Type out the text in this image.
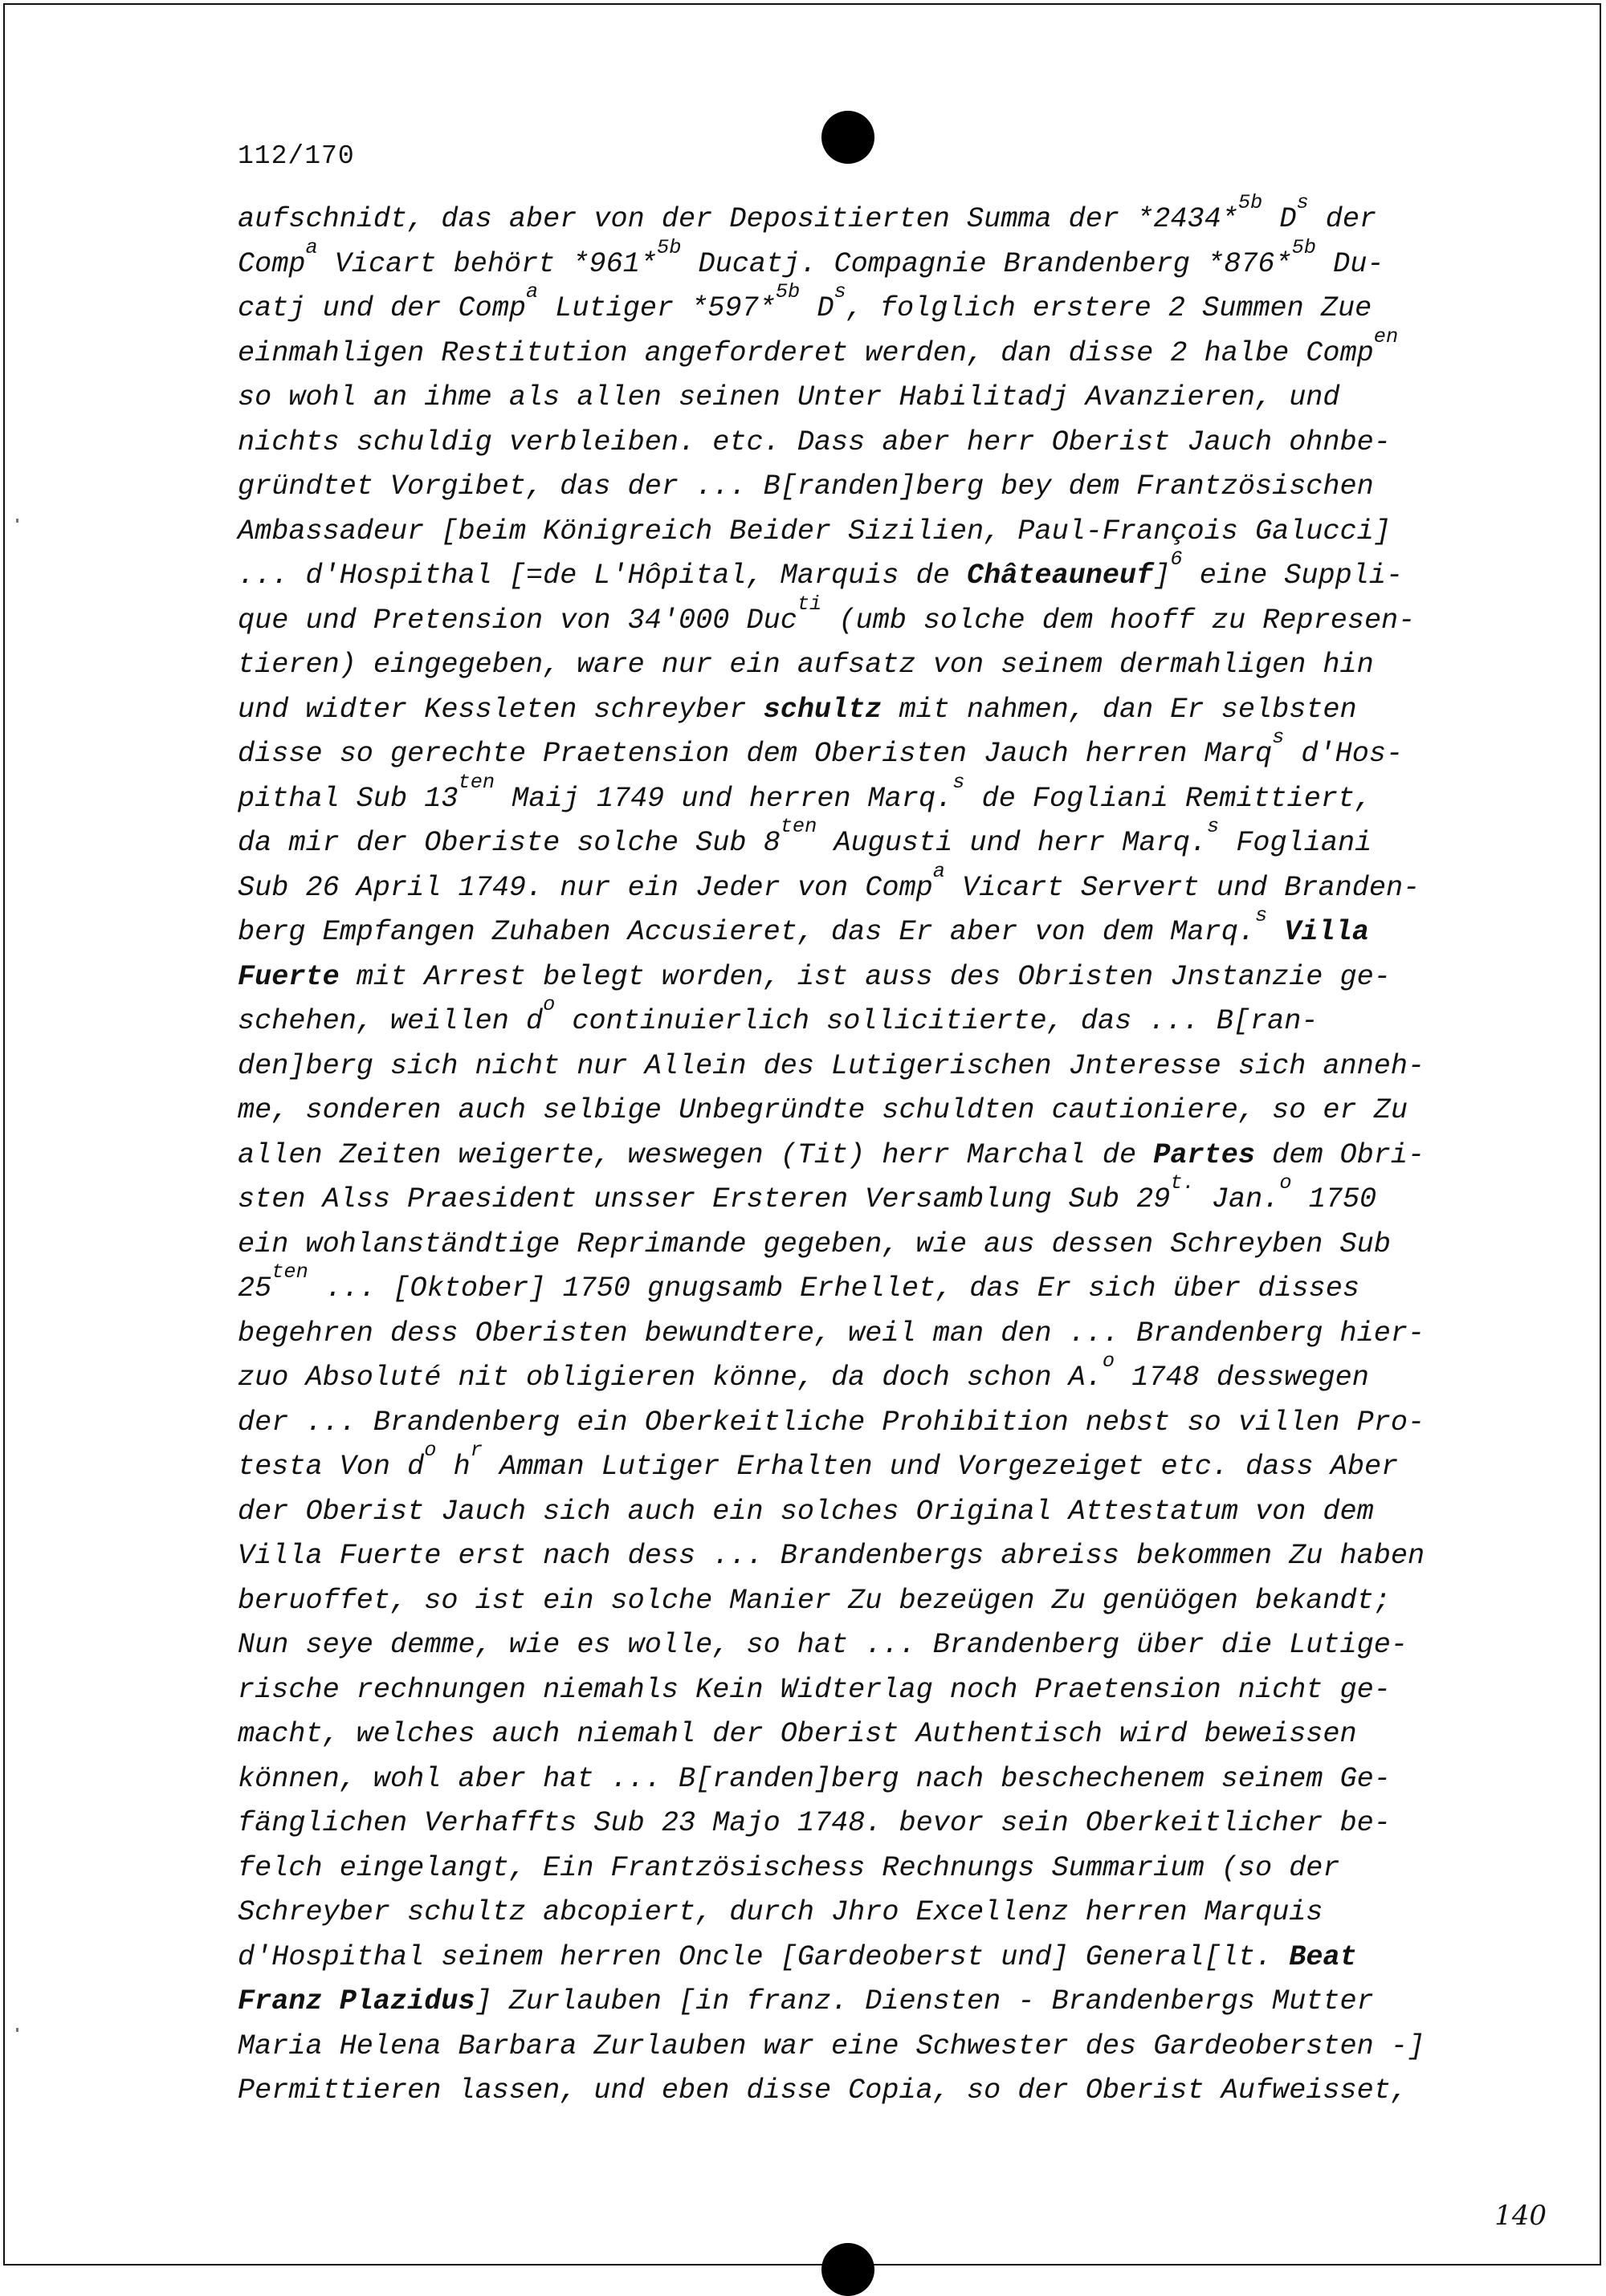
112/170
aufschnidt, das aber von der Depositierten Summa der *2434*$^{5b}$ $D^s$ der
Comp$^a$ Vicart behört *961*$^{5b}$ Ducatj. Compagnie Brandenberg *876*$^{5b}$ Du-
catj und der Comp$^a$ Lutiger *597*$^{5b}$ $D^s$, folglich erstere 2 Summen Zue
einmahligen Restitution angeforderet werden, dan disse 2 halbe Comp$^{en}$
so wohl an ihme als allen seinen Unter Habilitadj Avanzieren, und
nichts schuldig verbleiben. etc. Dass aber herr Oberist Jauch ohnbe-
gründtet Vorgibet, das der ... B[randen]berg bey dem Frantzösischen
Ambassadeur [beim Königreich Beider Sizilien, Paul-François Galucci]
... d'Hospithal [=de L'Hôpital, Marquis de Châteauneuf]$^6$ eine Suppli-
que und Pretension von 34'000 Duc$^{ti}$ (umb solche dem hooff zu Represen-
tieren) eingegeben, ware nur ein aufsatz von seinem dermahligen hin
und widter Kessleten schreyber schultz mit nahmen, dan Er selbsten
disse so gerechte Praetension dem Oberisten Jauch herren Marq$^s$ d'Hos-
pithal Sub $13^{ten}$ Maij 1749 und herren Marq.$^s$ de Fogliani Remittiert,
da mir der Oberiste solche Sub $8^{ten}$ Augusti und herr Marq.$^s$ Fogliani
Sub 26 April 1749. nur ein Jeder von Comp$^a$ Vicart Servert und Branden-
berg Empfangen Zuhaben Accusieret, das Er aber von dem Marq.$^s$ Villa
Fuerte mit Arrest belegt worden, ist auss des Obristen Jnstanzie ge-
schehen, weillen $d^o$ continuierlich sollicitierte, das ... B[ran-
den]berg sich nicht nur Allein des Lutigerischen Jnteresse sich anneh-
me, sonderen auch selbige Unbegründte schuldten cautioniere, so er Zu
allen Zeiten weigerte, weswegen (Tit) herr Marchal de Partes dem Obri-
sten Alss Praesident unsser Ersteren Versamblung Sub $29^{t.}$ Jan.$^o$ 1750
ein wohlanständtige Reprimande gegeben, wie aus dessen Schreyben Sub
$25^{ten}$ ... [Oktober] 1750 gnugsamb Erhellet, das Er sich über disses
begehren dess Oberisten bewundtere, weil man den ... Brandenberg hier-
zuo Absoluté nit obligieren könne, da doch schon A.$^o$ 1748 desswegen
der ... Brandenberg ein Oberkeitliche Prohibition nebst so villen Pro-
testa Von $d^o$ $h^r$ Amman Lutiger Erhalten und Vorgezeiget etc. dass Aber
der Oberist Jauch sich auch ein solches Original Attestatum von dem
Villa Fuerte erst nach dess ... Brandenbergs abreiss bekommen Zu haben
beruoffet, so ist ein solche Manier Zu bezeügen Zu genüögen bekandt;
Nun seye demme, wie es wolle, so hat ... Brandenberg über die Lutige-
rische rechnungen niemahls Kein Widterlag noch Praetension nicht ge-
macht, welches auch niemahl der Oberist Authentisch wird beweissen
können, wohl aber hat ... B[randen]berg nach beschechenem seinem Ge-
fänglichen Verhaffts Sub 23 Majo 1748. bevor sein Oberkeitlicher be-
felch eingelangt, Ein Frantzösischess Rechnungs Summarium (so der
Schreyber schultz abcopiert, durch Jhro Excellenz herren Marquis
d'Hospithal seinem herren Oncle [Gardeoberst und] General[lt. Beat
Franz Plazidus] Zurlauben [in franz. Diensten - Brandenbergs Mutter
Maria Helena Barbara Zurlauben war eine Schwester des Gardeobersten -]
Permittieren lassen, und eben disse Copia, so der Oberist Aufweisset,
140
